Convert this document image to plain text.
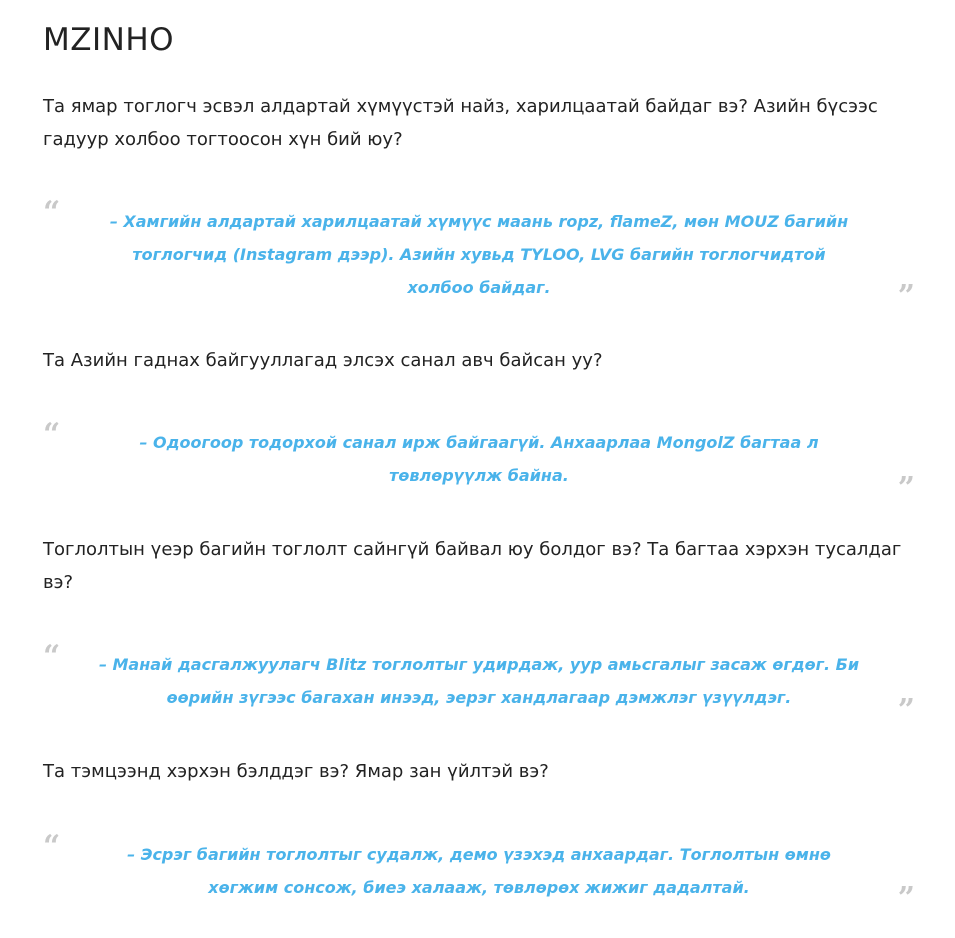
MZINHO

Та ямар тоглогч эсвэл алдартай хүмүүстэй найз, харилцаатай байдаг вэ? Азийн бүсээс гадуур холбоо тогтоосон хүн бий юу?

“	– Хамгийн алдартай харилцаатай хүмүүс маань ropz, flameZ, мөн MOUZ багийн тоглогчид (Instagram дээр). Азийн хувьд TYLOO, LVG багийн тоглогчидтой холбоо байдаг.	”

Та Азийн гаднах байгууллагад элсэх санал авч байсан уу?

“	– Одоогоор тодорхой санал ирж байгаагүй. Анхаарлаа MongolZ багтаа л төвлөрүүлж байна.	”

Тоглолтын үеэр багийн тоглолт сайнгүй байвал юу болдог вэ? Та багтаа хэрхэн тусалдаг вэ?

“ – Манай дасгалжуулагч Blitz тоглолтыг удирдаж, уур амьсгалыг засаж өгдөг. Би өөрийн зүгээс багахан инээд, эерэг хандлагаар дэмжлэг үзүүлдэг.	”

Та тэмцээнд хэрхэн бэлддэг вэ? Ямар зан үйлтэй вэ?

“	– Эсрэг багийн тоглолтыг судалж, демо үзэхэд анхаардаг. Тоглолтын өмнө хөгжим сонсож, биеэ халааж, төвлөрөх жижиг дадалтай.	”
